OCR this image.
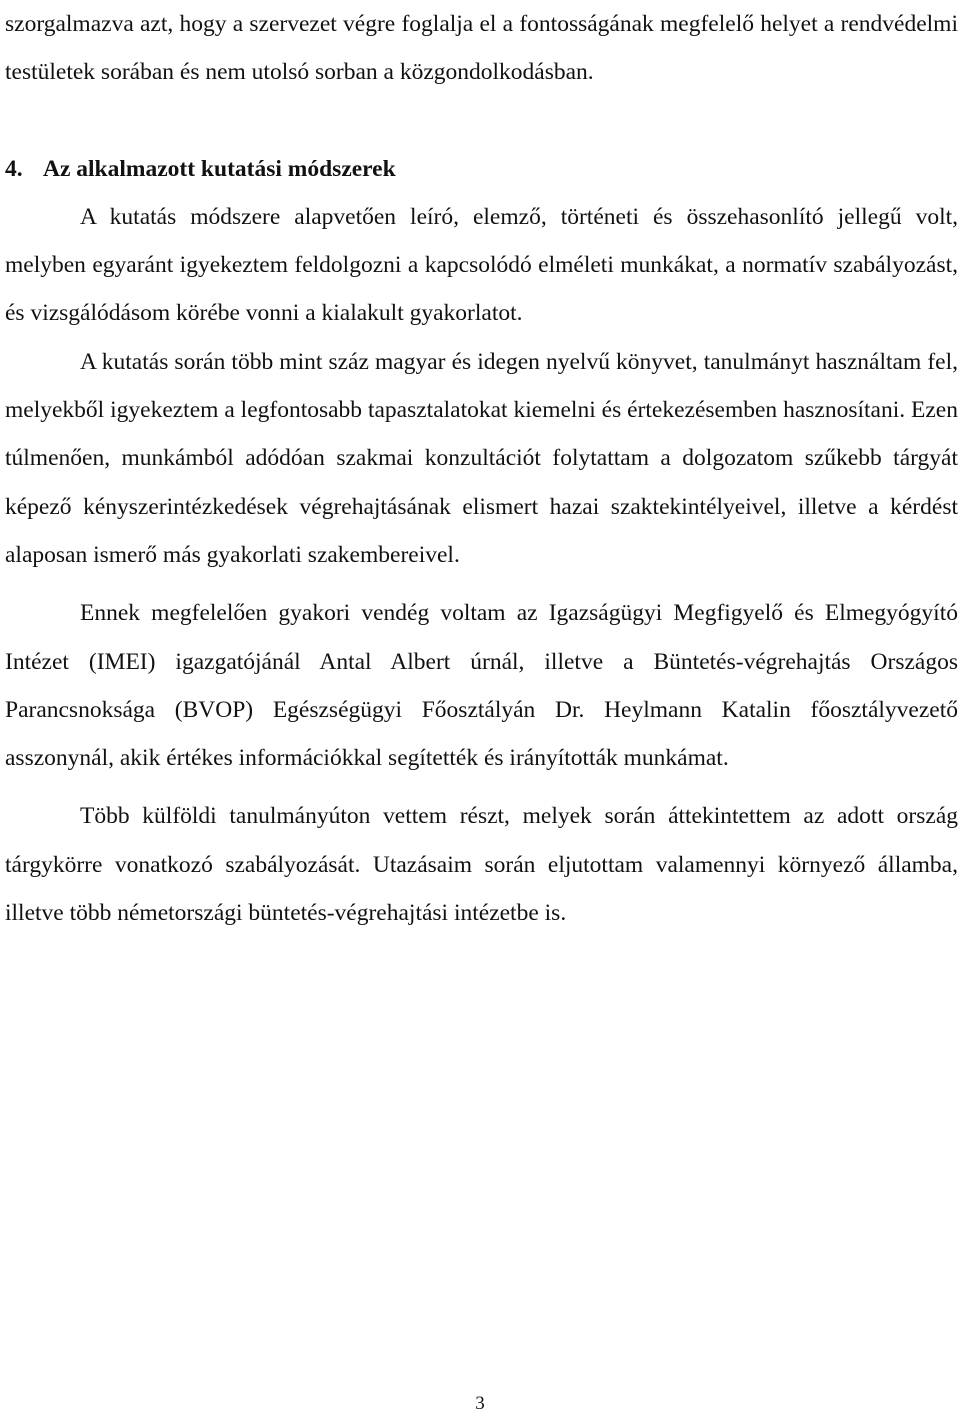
szorgalmazva azt, hogy a szervezet végre foglalja el a fontosságának megfelelő helyet a rendvédelmi testületek sorában és nem utolsó sorban a közgondolkodásban.

4. Az alkalmazott kutatási módszerek

A kutatás módszere alapvetően leíró, elemző, történeti és összehasonlító jellegű volt, melyben egyaránt igyekeztem feldolgozni a kapcsolódó elméleti munkákat, a normatív szabályozást, és vizsgálódásom körébe vonni a kialakult gyakorlatot.

A kutatás során több mint száz magyar és idegen nyelvű könyvet, tanulmányt használtam fel, melyekből igyekeztem a legfontosabb tapasztalatokat kiemelni és értekezésemben hasznosítani. Ezen túlmenően, munkámból adódóan szakmai konzultációt folytattam a dolgozatom szűkebb tárgyát képező kényszerintézkedések végrehajtásának elismert hazai szaktekintélyeivel, illetve a kérdést alaposan ismerő más gyakorlati szakembereivel.

Ennek megfelelően gyakori vendég voltam az Igazságügyi Megfigyelő és Elmegyógyító Intézet (IMEI) igazgatójánál Antal Albert úrnál, illetve a Büntetés-végrehajtás Országos Parancsnoksága (BVOP) Egészségügyi Főosztályán Dr. Heylmann Katalin főosztályvezető asszonynál, akik értékes információkkal segítették és irányították munkámat.

Több külföldi tanulmányúton vettem részt, melyek során áttekintettem az adott ország tárgykörre vonatkozó szabályozását. Utazásaim során eljutottam valamennyi környező államba, illetve több németországi büntetés-végrehajtási intézetbe is.

3
